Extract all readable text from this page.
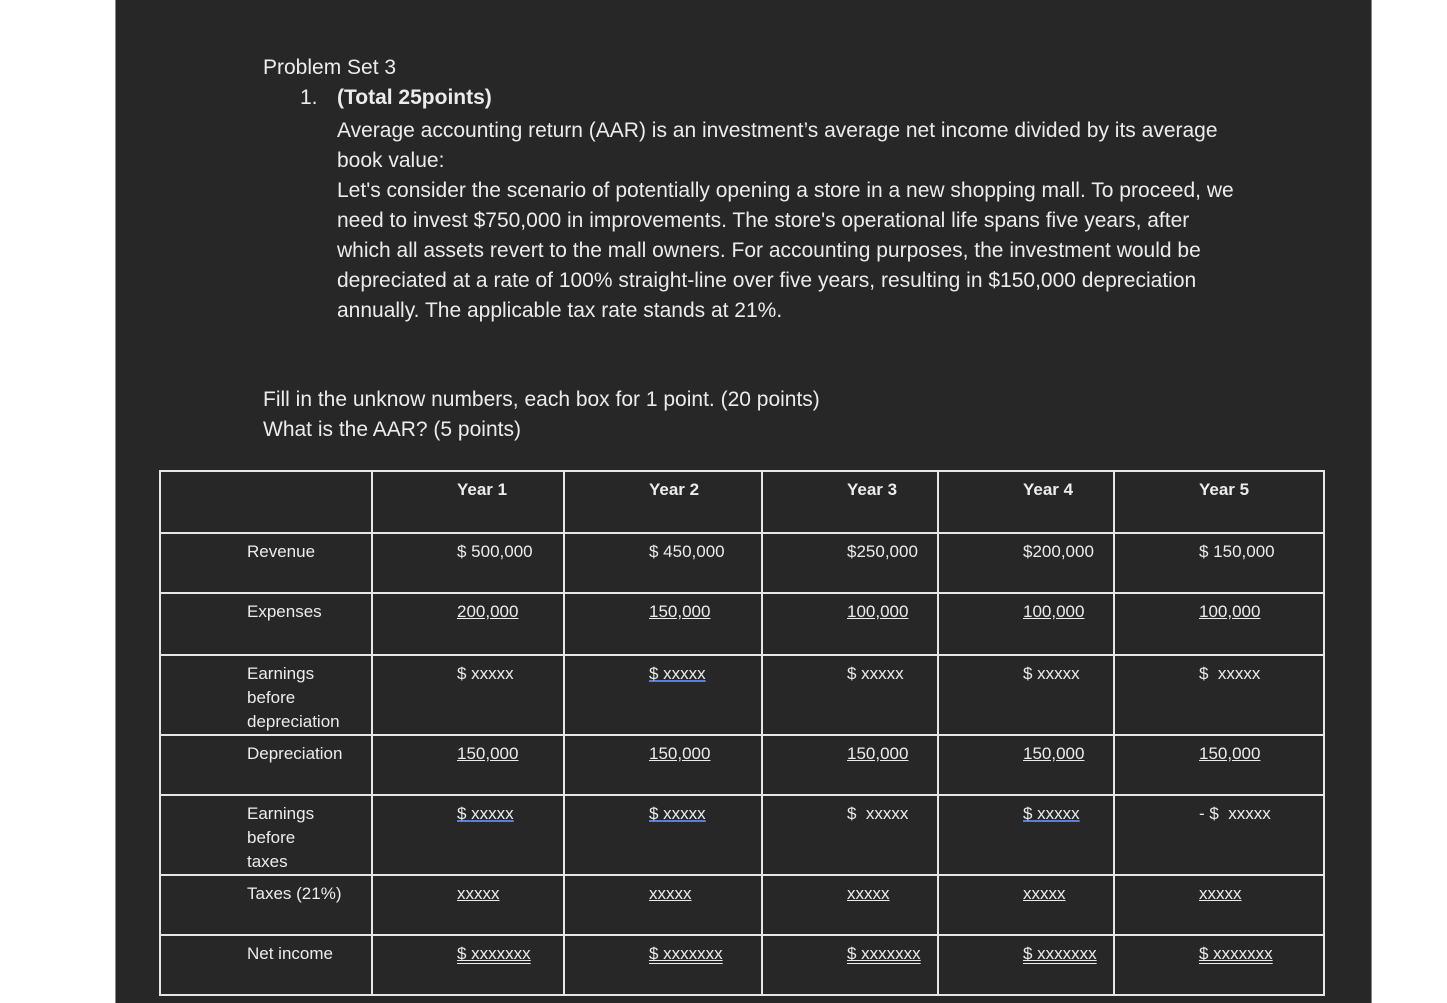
Problem Set 3
1. (Total 25points)

Average accounting return (AAR) is an investment’s average net income divided by its average book value:

Let's consider the scenario of potentially opening a store in a new shopping mall. To proceed, we need to invest $750,000 in improvements. The store's operational life spans five years, after which all assets revert to the mall owners. For accounting purposes, the investment would be depreciated at a rate of 100% straight-line over five years, resulting in $150,000 depreciation annually. The applicable tax rate stands at 21%.

Fill in the unknow numbers, each box for 1 point. (20 points)
What is the AAR? (5 points)
	Year 1	Year 2	Year 3	Year 4	Year 5
Revenue	$ 500,000	$ 450,000	$250,000	$200,000	$ 150,000
Expenses	200,000	150,000	100,000	100,000	100,000
Earnings before depreciation	$ xxxxx	$ xxxxx	$ xxxxx	$ xxxxx	$  xxxxx
Depreciation	150,000	150,000	150,000	150,000	150,000
Earnings before taxes	$ xxxxx	$ xxxxx	$  xxxxx	$ xxxxx	- $  xxxxx
Taxes (21%)	xxxxx	xxxxx	xxxxx	xxxxx	xxxxx
Net income	$ xxxxxxx	$ xxxxxxx	$ xxxxxxx	$ xxxxxxx	$ xxxxxxx
